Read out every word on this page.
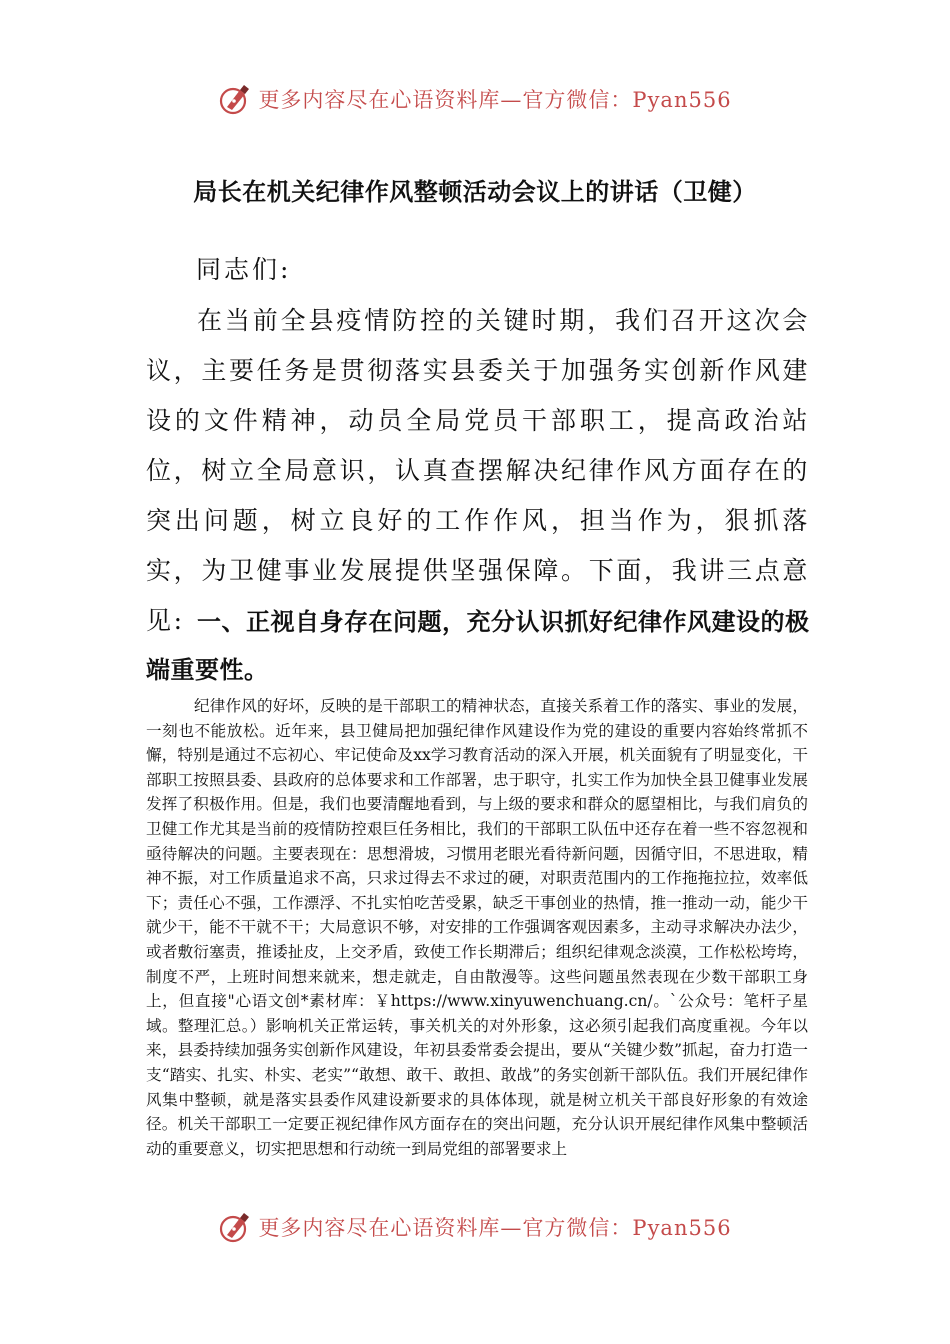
更多内容尽在心语资料库—官方微信：Pyan556
局长在机关纪律作风整顿活动会议上的讲话（卫健）

同志们:

在当前全县疫情防控的关键时期，我们召开这次会议，主要任务是贯彻落实县委关于加强务实创新作风建设的文件精神，动员全局党员干部职工，提高政治站位，树立全局意识，认真查摆解决纪律作风方面存在的突出问题，树立良好的工作作风，担当作为，狠抓落实，为卫健事业发展提供坚强保障。下面，我讲三点意见: 一、正视自身存在问题，充分认识抓好纪律作风建设的极端重要性。

纪律作风的好坏，反映的是干部职工的精神状态，直接关系着工作的落实、事业的发展，一刻也不能放松。近年来，县卫健局把加强纪律作风建设作为党的建设的重要内容始终常抓不懈，特别是通过不忘初心、牢记使命及xx学习教育活动的深入开展，机关面貌有了明显变化，干部职工按照县委、县政府的总体要求和工作部署，忠于职守，扎实工作为加快全县卫健事业发展发挥了积极作用。但是，我们也要清醒地看到，与上级的要求和群众的愿望相比，与我们肩负的卫健工作尤其是当前的疫情防控艰巨任务相比，我们的干部职工队伍中还存在着一些不容忽视和亟待解决的问题。主要表现在：思想滑坡，习惯用老眼光看待新问题，因循守旧，不思进取，精神不振，对工作质量追求不高，只求过得去不求过的硬，对职责范围内的工作拖拖拉拉，效率低下；责任心不强，工作漂浮、不扎实怕吃苦受累，缺乏干事创业的热情，推一推动一动，能少干就少干，能不干就不干；大局意识不够，对安排的工作强调客观因素多，主动寻求解决办法少，或者敷衍塞责，推诿扯皮，上交矛盾，致使工作长期滞后；组织纪律观念淡漠，工作松松垮垮，制度不严，上班时间想来就来，想走就走，自由散漫等。这些问题虽然表现在少数干部职工身上，但直接"心语文创*素材库：￥https://www.xinyuwenchuang.cn/。`公众号：笔杆子星域。整理汇总。）影响机关正常运转，事关机关的对外形象，这必须引起我们高度重视。今年以来，县委持续加强务实创新作风建设，年初县委常委会提出，要从“关键少数”抓起，奋力打造一支“踏实、扎实、朴实、老实”“敢想、敢干、敢担、敢战”的务实创新干部队伍。我们开展纪律作风集中整顿，就是落实县委作风建设新要求的具体体现，就是树立机关干部良好形象的有效途径。机关干部职工一定要正视纪律作风方面存在的突出问题，充分认识开展纪律作风集中整顿活动的重要意义，切实把思想和行动统一到局党组的部署要求上

更多内容尽在心语资料库—官方微信：Pyan556
